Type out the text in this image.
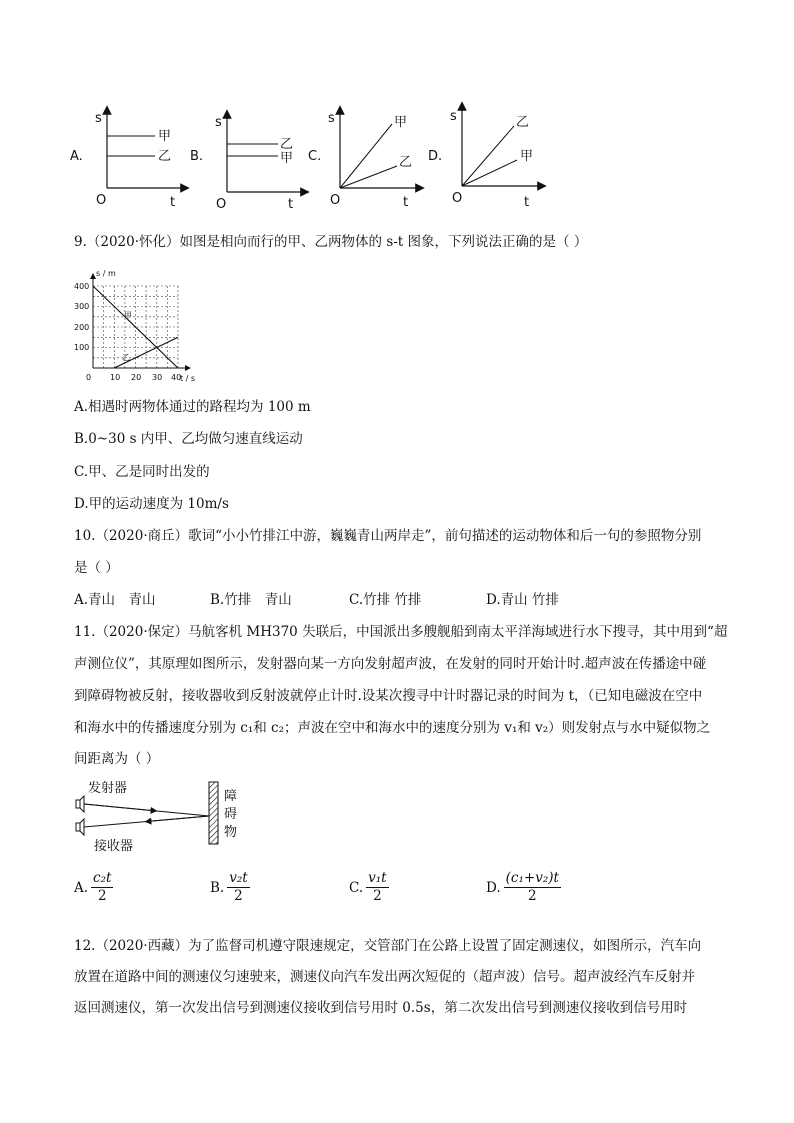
A.
s
t
O
甲
乙 B.
s
t
O
乙
甲 C.
s
t
O
甲
乙 D.
s
t
O
乙
甲
9.（2020·怀化）如图是相向而行的甲、乙两物体的 s-t 图象，下列说法正确的是（ ）
s / m
t / s
400
300
200
100
0 10 20 30 40
甲
乙
A.相遇时两物体通过的路程均为 100 m
B.0~30 s 内甲、乙均做匀速直线运动
C.甲、乙是同时出发的
D.甲的运动速度为 10m/s
10.（2020·商丘）歌词“小小竹排江中游，巍巍青山两岸走”，前句描述的运动物体和后一句的参照物分别
是（ ）
A.青山　青山	B.竹排　青山	C.竹排 竹排	D.青山 竹排
11.（2020·保定）马航客机 MH370 失联后，中国派出多艘舰船到南太平洋海域进行水下搜寻，其中用到“超
声测位仪”，其原理如图所示，发射器向某一方向发射超声波，在发射的同时开始计时.超声波在传播途中碰
到障碍物被反射，接收器收到反射波就停止计时.设某次搜寻中计时器记录的时间为 t，（已知电磁波在空中
和海水中的传播速度分别为 c₁和 c₂；声波在空中和海水中的速度分别为 v₁和 v₂）则发射点与水中疑似物之
间距离为（ ）
发射器
接收器
障 碍 物
A. $\frac{\text{c₂t}}{2}$	B. $\frac{\text{v₂t}}{2}$	C. $\frac{\text{v₁t}}{2}$	D. $\frac{\text{(c₁+v₂)t}}{2}$
12.（2020·西藏）为了监督司机遵守限速规定，交管部门在公路上设置了固定测速仪，如图所示，汽车向
放置在道路中间的测速仪匀速驶来，测速仪向汽车发出两次短促的（超声波）信号。超声波经汽车反射并
返回测速仪，第一次发出信号到测速仪接收到信号用时 0.5s，第二次发出信号到测速仪接收到信号用时
